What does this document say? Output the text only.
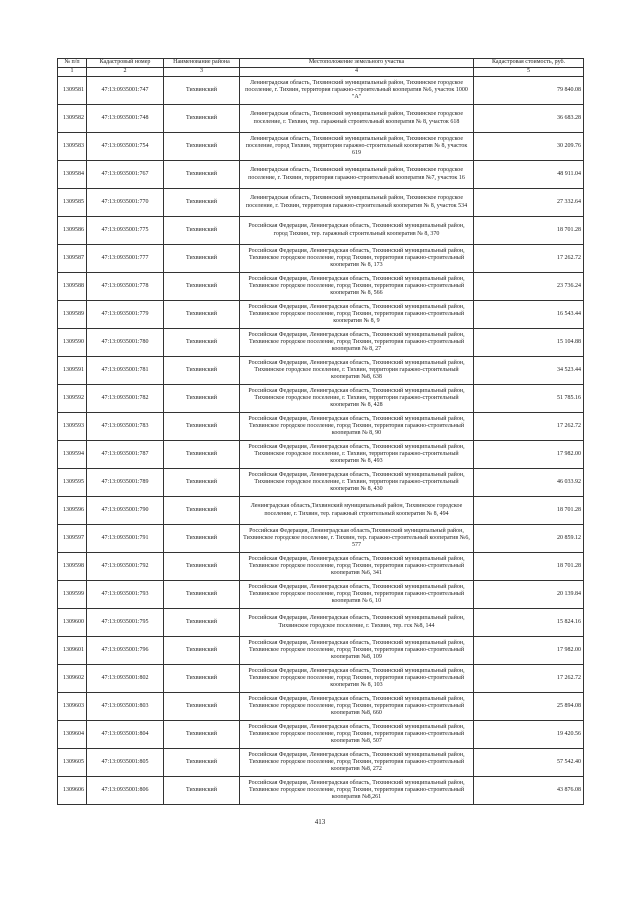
№ п/п	Кадастровый номер	Наименование района	Местоположение земельного участка	Кадастровая стоимость, руб.
1	2	3	4	5
1309581	47:13:0935001:747	Тихвинский	Ленинградская область, Тихвинский муниципальный район, Тихвинское городское поселение, г. Тихвин, территория гаражно-строительный кооператив №6, участок 1000 "А"	79 840.08
1309582	47:13:0935001:748	Тихвинский	Ленинградская область, Тихвинский муниципальный район, Тихвинское городское поселение, г. Тихвин, тер. гаражный строительный кооператив № 8, участок 618	36 683.28
1309583	47:13:0935001:754	Тихвинский	Ленинградская область, Тихвинский муниципальный район, Тихвинское городское поселение, город Тихвин, территория гаражно-строительный кооператив № 8, участок 619	30 209.76
1309584	47:13:0935001:767	Тихвинский	Ленинградская область, Тихвинский муниципальный район, Тихвинское городское поселение, г. Тихвин, территория гаражно-строительный кооператив №7, участок 16	48 911.04
1309585	47:13:0935001:770	Тихвинский	Ленинградская область, Тихвинский муниципальный район, Тихвинское городское поселение, г. Тихвин, территория гаражно-строительный кооператив № 8, участок 534	27 332.64
1309586	47:13:0935001:775	Тихвинский	Российская Федерация, Ленинградская область, Тихвинский муниципальный район, город Тихвин, тер. гаражный строительный кооператив № 8, 370	18 701.28
1309587	47:13:0935001:777	Тихвинский	Российская Федерация, Ленинградская область, Тихвинский муниципальный район, Тихвинское городское поселение, город Тихвин, территория гаражно-строительный кооператив № 8, 173	17 262.72
1309588	47:13:0935001:778	Тихвинский	Российская Федерация, Ленинградская область, Тихвинский муниципальный район, Тихвинское городское поселение, город Тихвин, территория гаражно-строительный кооператив № 8, 566	23 736.24
1309589	47:13:0935001:779	Тихвинский	Российская Федерация, Ленинградская область, Тихвинский муниципальный район, Тихвинское городское поселение, город Тихвин, территория гаражно-строительный кооператив № 8, 9	16 543.44
1309590	47:13:0935001:780	Тихвинский	Российская Федерация, Ленинградская область, Тихвинский муниципальный район, Тихвинское городское поселение, город Тихвин, территория гаражно-строительный кооператив № 8, 27	15 104.88
1309591	47:13:0935001:781	Тихвинский	Российская Федерация, Ленинградская область, Тихвинский муниципальный район, Тихвинское городское поселение, г. Тихвин, территория гаражно-строительный кооператив №8, 638	34 523.44
1309592	47:13:0935001:782	Тихвинский	Российская Федерация, Ленинградская область, Тихвинский муниципальный район, Тихвинское городское поселение, г. Тихвин, территория гаражно-строительный кооператив № 8, 428	51 785.16
1309593	47:13:0935001:783	Тихвинский	Российская Федерация, Ленинградская область, Тихвинский муниципальный район, Тихвинское городское поселение, город Тихвин, территория гаражно-строительный кооператив № 8, 90	17 262.72
1309594	47:13:0935001:787	Тихвинский	Российская Федерация, Ленинградская область, Тихвинский муниципальный район, Тихвинское городское поселение, г. Тихвин, территория гаражно-строительный кооператив № 8, 493	17 982.00
1309595	47:13:0935001:789	Тихвинский	Российская Федерация, Ленинградская область, Тихвинский муниципальный район, Тихвинское городское поселение, г. Тихвин, территория гаражно-строительный кооператив № 8, 430	46 033.92
1309596	47:13:0935001:790	Тихвинский	Ленинградская область,Тихвинский муниципальный район, Тихвинское городское поселение, г. Тихвин, тер. гаражный строительный кооператив № 8, 494	18 701.28
1309597	47:13:0935001:791	Тихвинский	Российская Федерация, Ленинградская область,Тихвинский муниципальный район, Тихвинское городское поселение, г. Тихвин, тер. гаражно-строительный кооператив №6, 577	20 859.12
1309598	47:13:0935001:792	Тихвинский	Российская Федерация, Ленинградская область, Тихвинский муниципальный район, Тихвинское городское поселение, город Тихвин, территория гаражно-строительный кооператив №6, 341	18 701.28
1309599	47:13:0935001:793	Тихвинский	Российская Федерация, Ленинградская область, Тихвинский муниципальный район, Тихвинское городское поселение, город Тихвин, территория гаражно-строительный кооператив № 6, 10	20 139.84
1309600	47:13:0935001:795	Тихвинский	Российская Федерация, Ленинградская область, Тихвинский муниципальный район, Тихвинское городское поселение, г. Тихвин, тер. гск №8, 144	15 824.16
1309601	47:13:0935001:796	Тихвинский	Российская Федерация, Ленинградская область, Тихвинский муниципальный район, Тихвинское городское поселение, город Тихвин, территория гаражно-строительный кооператив №8, 109	17 982.00
1309602	47:13:0935001:802	Тихвинский	Российская Федерация, Ленинградская область, Тихвинский муниципальный район, Тихвинское городское поселение, город Тихвин, территория гаражно-строительный кооператив № 8, 103	17 262.72
1309603	47:13:0935001:803	Тихвинский	Российская Федерация, Ленинградская область, Тихвинский муниципальный район, Тихвинское городское поселение, город Тихвин, территория гаражно-строительный кооператив №8, 660	25 894.08
1309604	47:13:0935001:804	Тихвинский	Российская Федерация, Ленинградская область, Тихвинский муниципальный район, Тихвинское городское поселение, город Тихвин, территория гаражно-строительный кооператив №8, 507	19 420.56
1309605	47:13:0935001:805	Тихвинский	Российская Федерация, Ленинградская область, Тихвинский муниципальный район, Тихвинское городское поселение, город Тихвин, территория гаражно-строительный кооператив №8, 272	57 542.40
1309606	47:13:0935001:806	Тихвинский	Российская Федерация, Ленинградская область, Тихвинский муниципальный район, Тихвинское городское поселение, город Тихвин, территория гаражно-строительный кооператив №8,261	43 876.08
413
